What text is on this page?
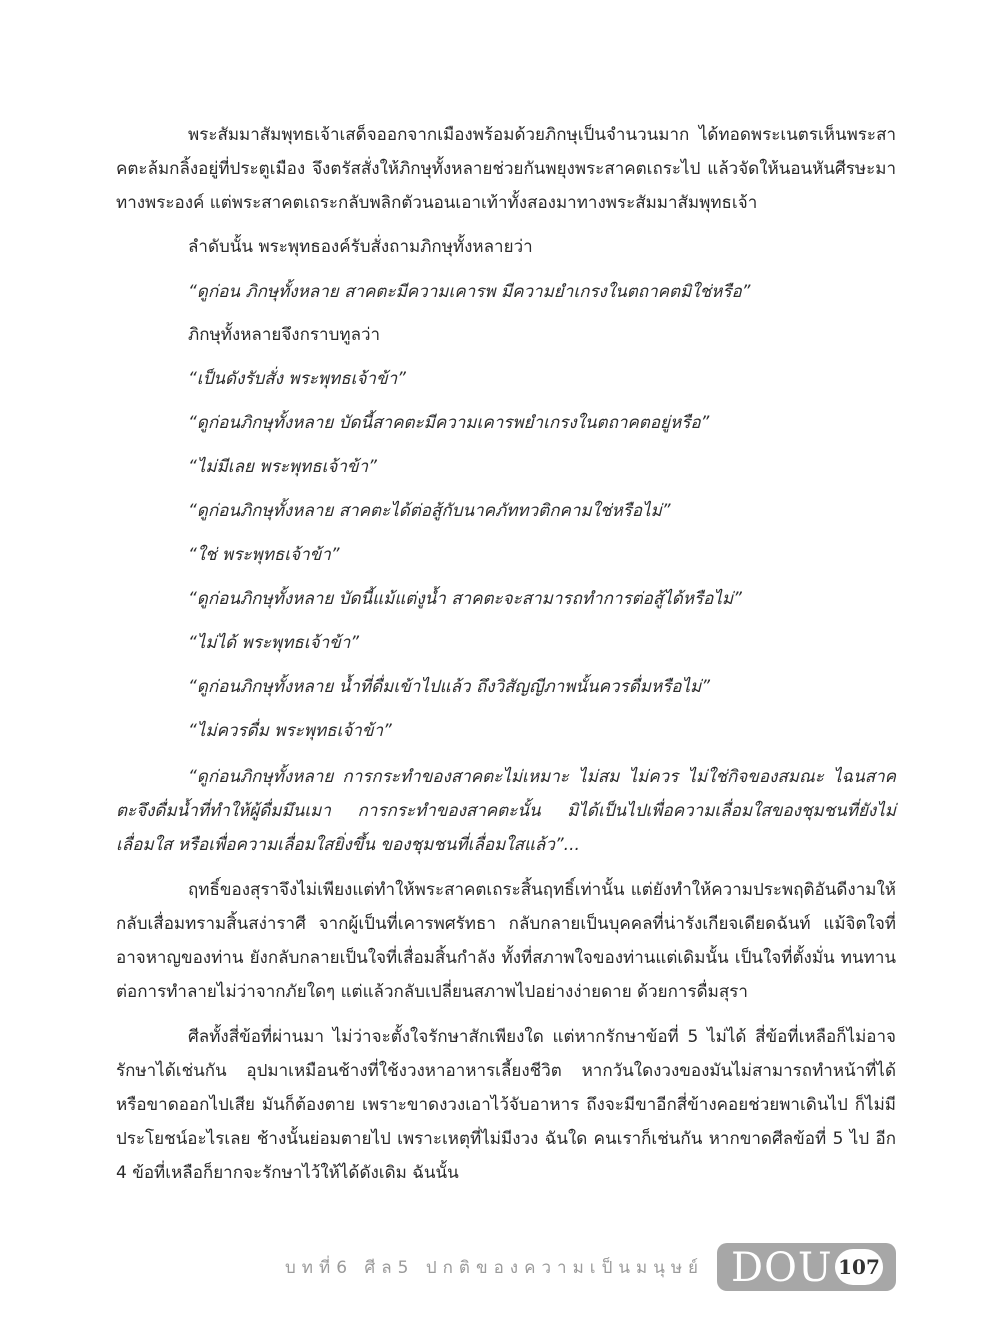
พระสัมมาสัมพุทธเจ้าเสด็จออกจากเมืองพร้อมด้วยภิกษุเป็นจำนวนมาก ได้ทอดพระเนตรเห็นพระสาคตะล้มกลิ้งอยู่ที่ประตูเมือง จึงตรัสสั่งให้ภิกษุทั้งหลายช่วยกันพยุงพระสาคตเถระไป แล้วจัดให้นอนหันศีรษะมาทางพระองค์ แต่พระสาคตเถระกลับพลิกตัวนอนเอาเท้าทั้งสองมาทางพระสัมมาสัมพุทธเจ้า

ลำดับนั้น พระพุทธองค์รับสั่งถามภิกษุทั้งหลายว่า

“ดูก่อน ภิกษุทั้งหลาย สาคตะมีความเคารพ มีความยำเกรงในตถาคตมิใช่หรือ”

ภิกษุทั้งหลายจึงกราบทูลว่า

“เป็นดังรับสั่ง พระพุทธเจ้าข้า”

“ดูก่อนภิกษุทั้งหลาย บัดนี้สาคตะมีความเคารพยำเกรงในตถาคตอยู่หรือ”

“ไม่มีเลย พระพุทธเจ้าข้า”

“ดูก่อนภิกษุทั้งหลาย สาคตะได้ต่อสู้กับนาคภัททวติกคามใช่หรือไม่”

“ใช่ พระพุทธเจ้าข้า”

“ดูก่อนภิกษุทั้งหลาย บัดนี้แม้แต่งูน้ำ สาคตะจะสามารถทำการต่อสู้ได้หรือไม่”

“ไม่ได้ พระพุทธเจ้าข้า”

“ดูก่อนภิกษุทั้งหลาย น้ำที่ดื่มเข้าไปแล้ว ถึงวิสัญญีภาพนั้นควรดื่มหรือไม่”

“ไม่ควรดื่ม พระพุทธเจ้าข้า”

“ดูก่อนภิกษุทั้งหลาย การกระทำของสาคตะไม่เหมาะ ไม่สม ไม่ควร ไม่ใช่กิจของสมณะ ไฉนสาคตะจึงดื่มน้ำที่ทำให้ผู้ดื่มมึนเมา การกระทำของสาคตะนั้น มิได้เป็นไปเพื่อความเลื่อมใสของชุมชนที่ยังไม่เลื่อมใส หรือเพื่อความเลื่อมใสยิ่งขึ้น ของชุมชนที่เลื่อมใสแล้ว”...

ฤทธิ์ของสุราจึงไม่เพียงแต่ทำให้พระสาคตเถระสิ้นฤทธิ์เท่านั้น แต่ยังทำให้ความประพฤติอันดีงามให้กลับเสื่อมทรามสิ้นสง่าราศี จากผู้เป็นที่เคารพศรัทธา กลับกลายเป็นบุคคลที่น่ารังเกียจเดียดฉันท์ แม้จิตใจที่อาจหาญของท่าน ยังกลับกลายเป็นใจที่เสื่อมสิ้นกำลัง ทั้งที่สภาพใจของท่านแต่เดิมนั้น เป็นใจที่ตั้งมั่น ทนทานต่อการทำลายไม่ว่าจากภัยใดๆ แต่แล้วกลับเปลี่ยนสภาพไปอย่างง่ายดาย ด้วยการดื่มสุรา

ศีลทั้งสี่ข้อที่ผ่านมา ไม่ว่าจะตั้งใจรักษาสักเพียงใด แต่หากรักษาข้อที่ 5 ไม่ได้ สี่ข้อที่เหลือก็ไม่อาจรักษาได้เช่นกัน อุปมาเหมือนช้างที่ใช้งวงหาอาหารเลี้ยงชีวิต หากวันใดงวงของมันไม่สามารถทำหน้าที่ได้ หรือขาดออกไปเสีย มันก็ต้องตาย เพราะขาดงวงเอาไว้จับอาหาร ถึงจะมีขาอีกสี่ข้างคอยช่วยพาเดินไป ก็ไม่มีประโยชน์อะไรเลย ช้างนั้นย่อมตายไป เพราะเหตุที่ไม่มีงวง ฉันใด คนเราก็เช่นกัน หากขาดศีลข้อที่ 5 ไป อีก 4 ข้อที่เหลือก็ยากจะรักษาไว้ให้ได้ดังเดิม ฉันนั้น

บทที่6 ศีล5 ปกติของความเป็นมนุษย์ DOU 107
